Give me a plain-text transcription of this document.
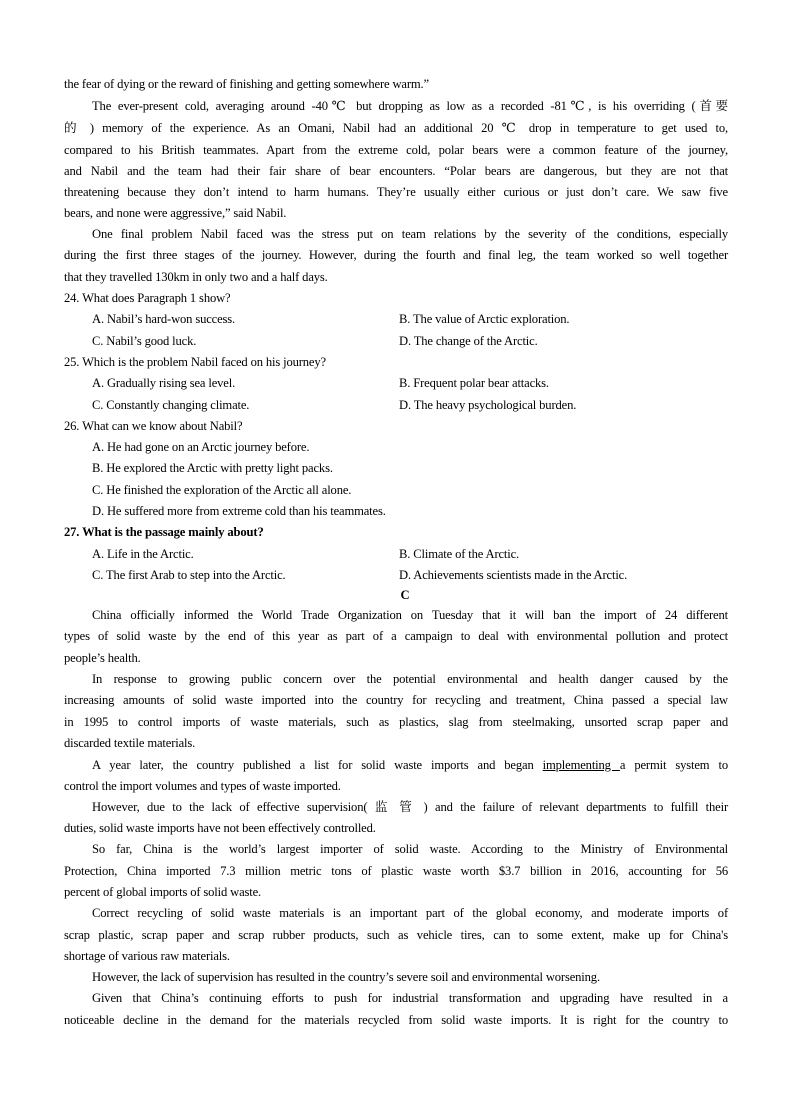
the fear of dying or the reward of finishing and getting somewhere warm.”
The ever-present cold, averaging around -40℃ but dropping as low as a recorded -81℃, is his overriding (首要
的 ) memory of the experience. As an Omani, Nabil had an additional 20 ℃ drop in temperature to get used to,
compared to his British teammates. Apart from the extreme cold, polar bears were a common feature of the journey,
and Nabil and the team had their fair share of bear encounters. “Polar bears are dangerous, but they are not that
threatening because they don’t intend to harm humans. They’re usually either curious or just don’t care. We saw five
bears, and none were aggressive,” said Nabil.
One final problem Nabil faced was the stress put on team relations by the severity of the conditions, especially
during the first three stages of the journey. However, during the fourth and final leg, the team worked so well together
that they travelled 130km in only two and a half days.
24. What does Paragraph 1 show?
A. Nabil’s hard-won success.	B. The value of Arctic exploration.
C. Nabil’s good luck.	D. The change of the Arctic.
25. Which is the problem Nabil faced on his journey?
A. Gradually rising sea level.	B. Frequent polar bear attacks.
C. Constantly changing climate.	D. The heavy psychological burden.
26. What can we know about Nabil?
A. He had gone on an Arctic journey before.
B. He explored the Arctic with pretty light packs.
C. He finished the exploration of the Arctic all alone.
D. He suffered more from extreme cold than his teammates.
27. What is the passage mainly about?
A. Life in the Arctic.	B. Climate of the Arctic.
C. The first Arab to step into the Arctic.	D. Achievements scientists made in the Arctic.
C
China officially informed the World Trade Organization on Tuesday that it will ban the import of 24 different
types of solid waste by the end of this year as part of a campaign to deal with environmental pollution and protect
people’s health.
In response to growing public concern over the potential environmental and health danger caused by the
increasing amounts of solid waste imported into the country for recycling and treatment, China passed a special law
in 1995 to control imports of waste materials, such as plastics, slag from steelmaking, unsorted scrap paper and
discarded textile materials.
A year later, the country published a list for solid waste imports and began implementing a permit system to
control the import volumes and types of waste imported.
However, due to the lack of effective supervision( 监 管 ) and the failure of relevant departments to fulfill their
duties, solid waste imports have not been effectively controlled.
So far, China is the world’s largest importer of solid waste. According to the Ministry of Environmental
Protection, China imported 7.3 million metric tons of plastic waste worth $3.7 billion in 2016, accounting for 56
percent of global imports of solid waste.
Correct recycling of solid waste materials is an important part of the global economy, and moderate imports of
scrap plastic, scrap paper and scrap rubber products, such as vehicle tires, can to some extent, make up for China's
shortage of various raw materials.
However, the lack of supervision has resulted in the country’s severe soil and environmental worsening.
Given that China’s continuing efforts to push for industrial transformation and upgrading have resulted in a
noticeable decline in the demand for the materials recycled from solid waste imports. It is right for the country to
